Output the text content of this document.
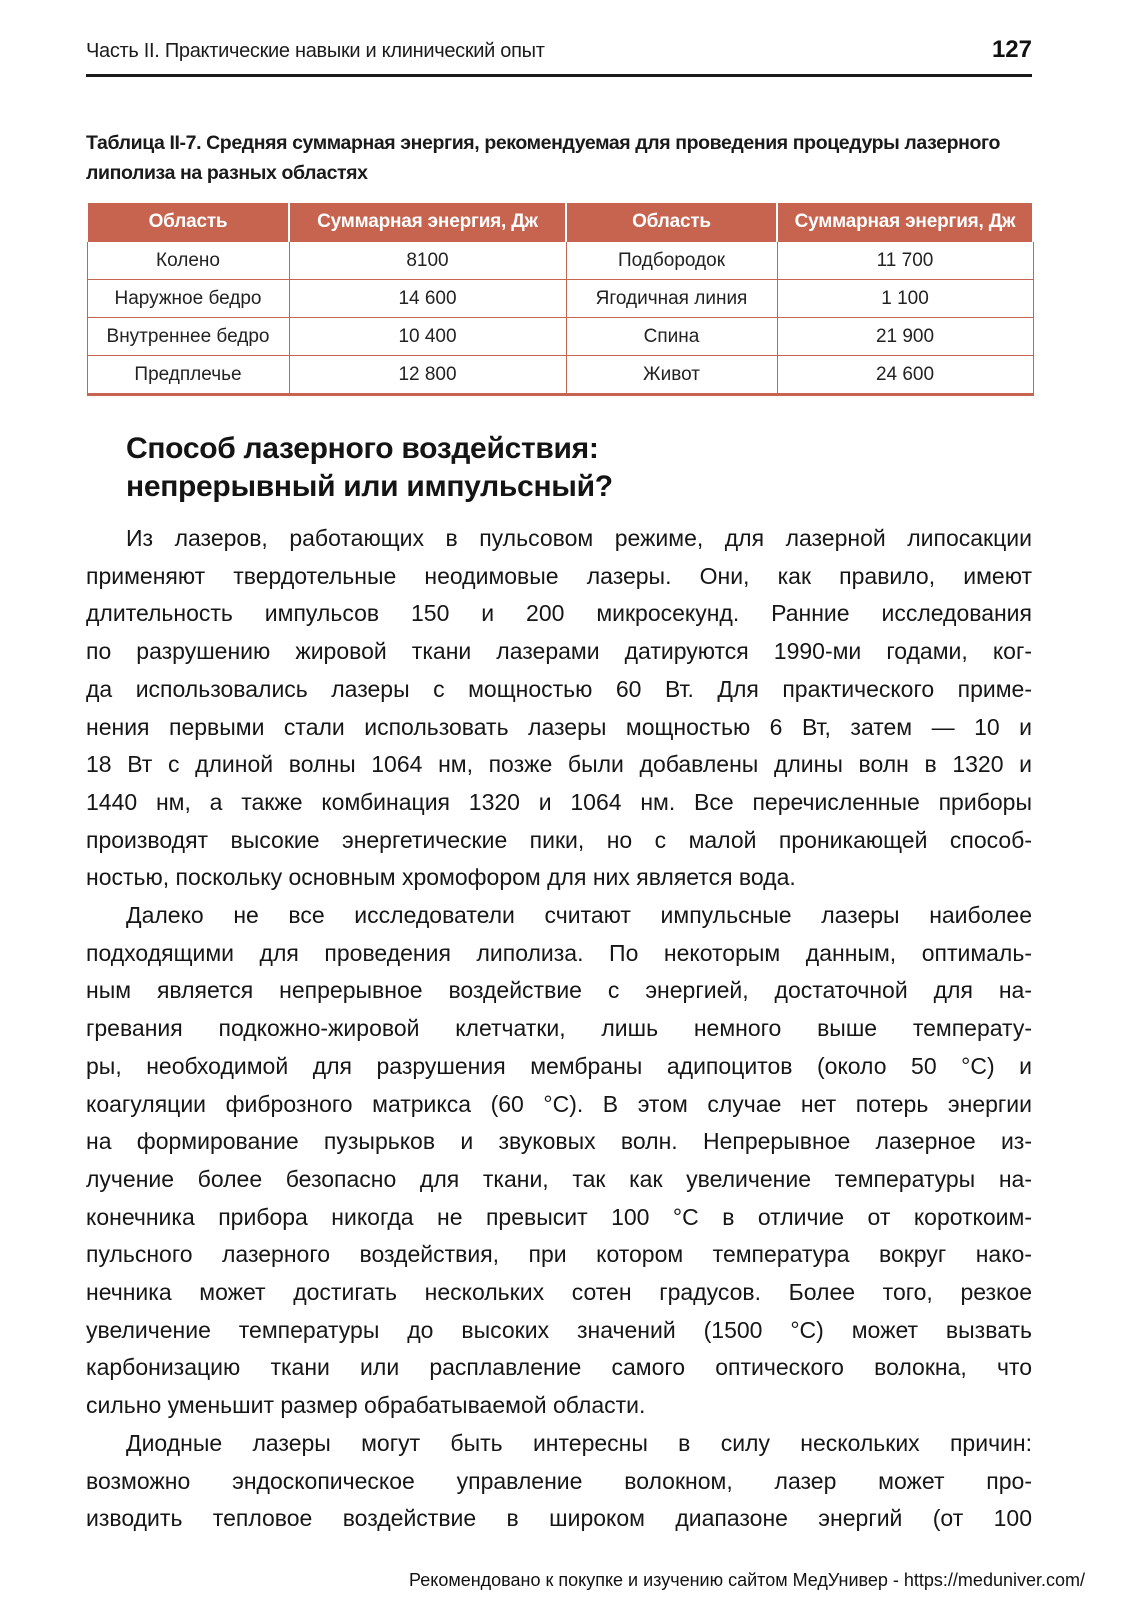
Часть II. Практические навыки и клинический опыт	127
Таблица II-7. Средняя суммарная энергия, рекомендуемая для проведения процедуры лазерного липолиза на разных областях
Область	Суммарная энергия, Дж	Область	Суммарная энергия, Дж
Колено	8100	Подбородок	11 700
Наружное бедро	14 600	Ягодичная линия	1 100
Внутреннее бедро	10 400	Спина	21 900
Предплечье	12 800	Живот	24 600
Способ лазерного воздействия:
непрерывный или импульсный?

Из лазеров, работающих в пульсовом режиме, для лазерной липосакции
применяют твердотельные неодимовые лазеры. Они, как правило, имеют
длительность импульсов 150 и 200 микросекунд. Ранние исследования
по разрушению жировой ткани лазерами датируются 1990-ми годами, ког-
да использовались лазеры с мощностью 60 Вт. Для практического приме-
нения первыми стали использовать лазеры мощностью 6 Вт, затем — 10 и
18 Вт с длиной волны 1064 нм, позже были добавлены длины волн в 1320 и
1440 нм, а также комбинация 1320 и 1064 нм. Все перечисленные приборы
производят высокие энергетические пики, но с малой проникающей способ-
ностью, поскольку основным хромофором для них является вода.

Далеко не все исследователи считают импульсные лазеры наиболее
подходящими для проведения липолиза. По некоторым данным, оптималь-
ным является непрерывное воздействие с энергией, достаточной для на-
гревания подкожно-жировой клетчатки, лишь немного выше температу-
ры, необходимой для разрушения мембраны адипоцитов (около 50 °С) и
коагуляции фиброзного матрикса (60 °С). В этом случае нет потерь энергии
на формирование пузырьков и звуковых волн. Непрерывное лазерное из-
лучение более безопасно для ткани, так как увеличение температуры на-
конечника прибора никогда не превысит 100 °С в отличие от короткоим-
пульсного лазерного воздействия, при котором температура вокруг нако-
нечника может достигать нескольких сотен градусов. Более того, резкое
увеличение температуры до высоких значений (1500 °С) может вызвать
карбонизацию ткани или расплавление самого оптического волокна, что
сильно уменьшит размер обрабатываемой области.

Диодные лазеры могут быть интересны в силу нескольких причин:
возможно эндоскопическое управление волокном, лазер может про-
изводить тепловое воздействие в широком диапазоне энергий (от 100

Рекомендовано к покупке и изучению сайтом МедУнивер - https://meduniver.com/
